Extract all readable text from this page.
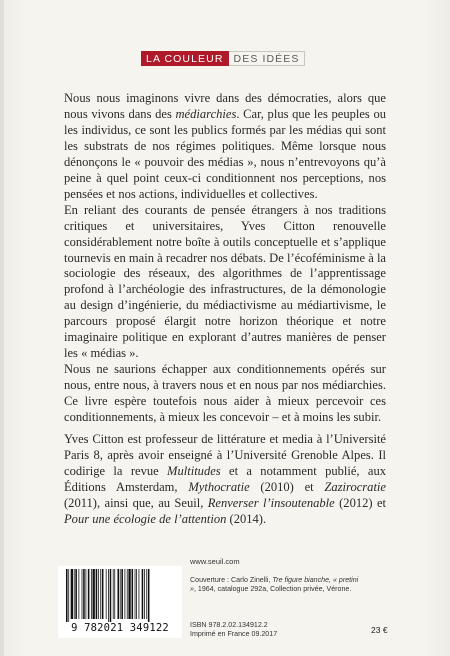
LA COULEUR DES IDÉES

Nous nous imaginons vivre dans des démocraties, alors que nous vivons dans des médiarchies. Car, plus que les peuples ou les individus, ce sont les publics formés par les médias qui sont les substrats de nos régimes politiques. Même lorsque nous dénonçons le « pouvoir des médias », nous n’entrevoyons qu’à peine à quel point ceux-ci conditionnent nos perceptions, nos pensées et nos actions, individuelles et collectives.

En reliant des courants de pensée étrangers à nos traditions critiques et universitaires, Yves Citton renouvelle considérablement notre boîte à outils conceptuelle et s’applique tournevis en main à recadrer nos débats. De l’écoféminisme à la sociologie des réseaux, des algorithmes de l’apprentissage profond à l’archéologie des infrastructures, de la démonologie au design d’ingénierie, du médiactivisme au médiartivisme, le parcours proposé élargit notre horizon théorique et notre imaginaire politique en explorant d’autres manières de penser les « médias ».

Nous ne saurions échapper aux conditionnements opérés sur nous, entre nous, à travers nous et en nous par nos médiarchies. Ce livre espère toutefois nous aider à mieux percevoir ces conditionnements, à mieux les concevoir – et à moins les subir.

Yves Citton est professeur de littérature et media à l’Université Paris 8, après avoir enseigné à l’Université Grenoble Alpes. Il codirige la revue Multitudes et a notamment publié, aux Éditions Amsterdam, Mythocratie (2010) et Zazirocratie (2011), ainsi que, au Seuil, Renverser l’insoutenable (2012) et Pour une écologie de l’attention (2014).

9 782021 349122
www.seuil.com
Couverture : Carlo Zinelli, Tre figure bianche, « pretini », 1964, catalogue 292a, Collection privée, Vérone.
ISBN 978.2.02.134912.2
Imprimé en France 09.2017	23 €
